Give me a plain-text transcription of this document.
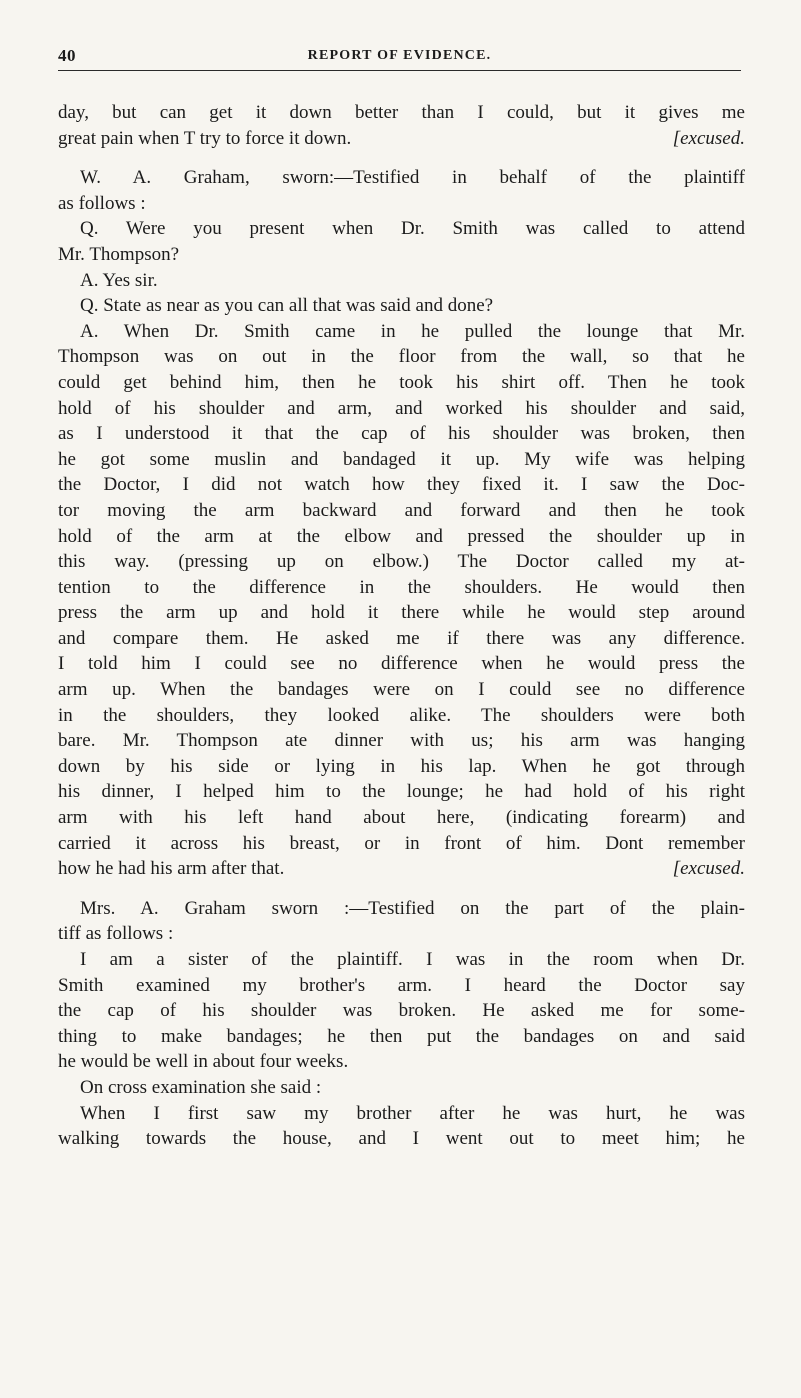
40	REPORT OF EVIDENCE.

day, but can get it down better than I could, but it gives me
great pain when T try to force it down.	[excused.

W. A. Graham, sworn:—Testified in behalf of the plaintiff
as follows :
Q. Were you present when Dr. Smith was called to attend
Mr. Thompson?
A. Yes sir.
Q. State as near as you can all that was said and done?
A. When Dr. Smith came in he pulled the lounge that Mr.
Thompson was on out in the floor from the wall, so that he
could get behind him, then he took his shirt off. Then he took
hold of his shoulder and arm, and worked his shoulder and said,
as I understood it that the cap of his shoulder was broken, then
he got some muslin and bandaged it up. My wife was helping
the Doctor, I did not watch how they fixed it. I saw the Doc-
tor moving the arm backward and forward and then he took
hold of the arm at the elbow and pressed the shoulder up in
this way. (pressing up on elbow.) The Doctor called my at-
tention to the difference in the shoulders. He would then
press the arm up and hold it there while he would step around
and compare them. He asked me if there was any difference.
I told him I could see no difference when he would press the
arm up. When the bandages were on I could see no difference
in the shoulders, they looked alike. The shoulders were both
bare. Mr. Thompson ate dinner with us; his arm was hanging
down by his side or lying in his lap. When he got through
his dinner, I helped him to the lounge; he had hold of his right
arm with his left hand about here, (indicating forearm) and
carried it across his breast, or in front of him. Dont remember
how he had his arm after that.	[excused.

Mrs. A. Graham sworn :—Testified on the part of the plain-
tiff as follows :
I am a sister of the plaintiff. I was in the room when Dr.
Smith examined my brother's arm. I heard the Doctor say
the cap of his shoulder was broken. He asked me for some-
thing to make bandages; he then put the bandages on and said
he would be well in about four weeks.
On cross examination she said :
When I first saw my brother after he was hurt, he was
walking towards the house, and I went out to meet him; he
